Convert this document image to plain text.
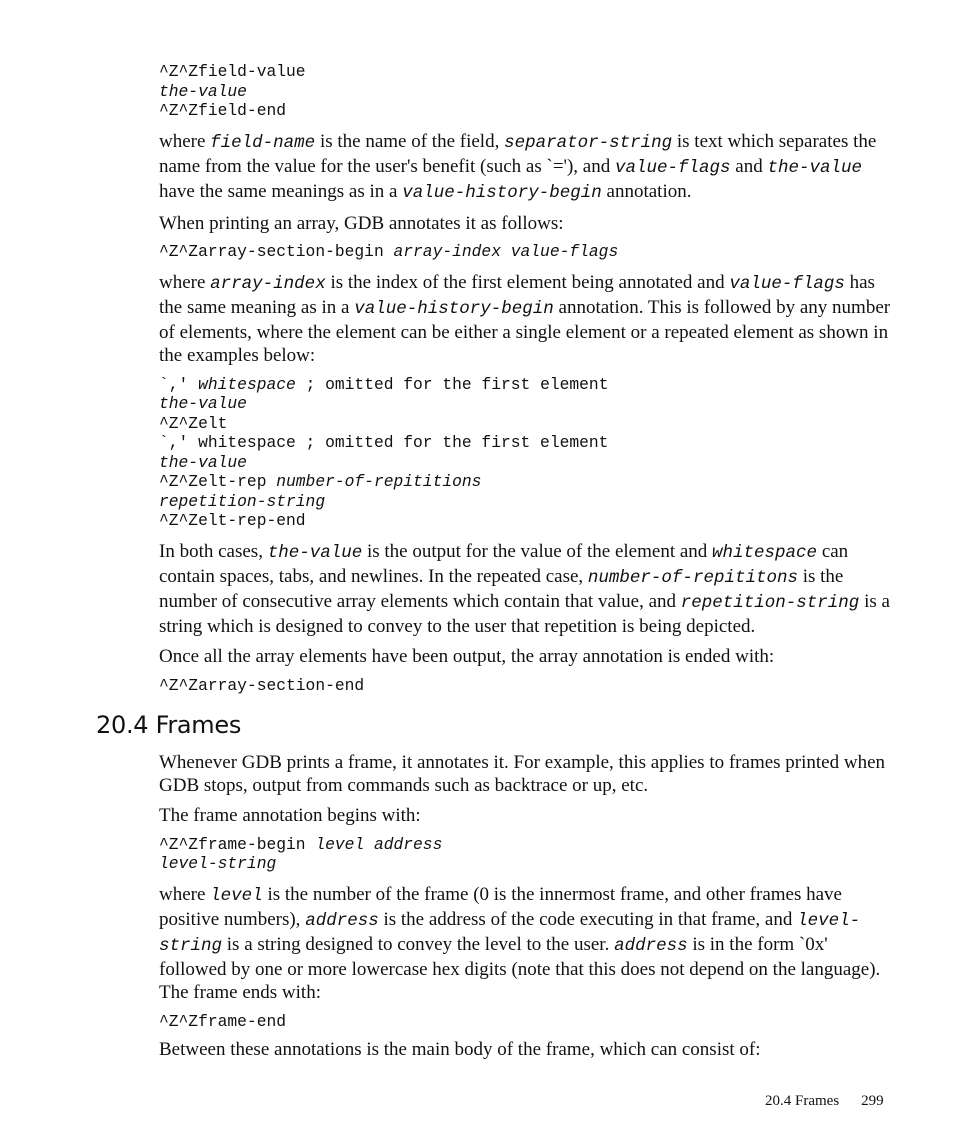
^Z^Zfield-value
the-value
^Z^Zfield-end

where field-name is the name of the field, separator-string is text which separates the name from the value for the user's benefit (such as `='), and value-flags and the-value have the same meanings as in a value-history-begin annotation.

When printing an array, GDB annotates it as follows:

^Z^Zarray-section-begin array-index value-flags

where array-index is the index of the first element being annotated and value-flags has the same meaning as in a value-history-begin annotation. This is followed by any number of elements, where the element can be either a single element or a repeated element as shown in the examples below:

`,' whitespace ; omitted for the first element
the-value
^Z^Zelt
`,' whitespace ; omitted for the first element
the-value
^Z^Zelt-rep number-of-repititions
repetition-string
^Z^Zelt-rep-end

In both cases, the-value is the output for the value of the element and whitespace can contain spaces, tabs, and newlines. In the repeated case, number-of-repititons is the number of consecutive array elements which contain that value, and repetition-string is a string which is designed to convey to the user that repetition is being depicted.

Once all the array elements have been output, the array annotation is ended with:

^Z^Zarray-section-end
20.4 Frames

Whenever GDB prints a frame, it annotates it. For example, this applies to frames printed when GDB stops, output from commands such as backtrace or up, etc.

The frame annotation begins with:

^Z^Zframe-begin level address
level-string

where level is the number of the frame (0 is the innermost frame, and other frames have positive numbers), address is the address of the code executing in that frame, and level-string is a string designed to convey the level to the user. address is in the form `0x' followed by one or more lowercase hex digits (note that this does not depend on the language). The frame ends with:

^Z^Zframe-end

Between these annotations is the main body of the frame, which can consist of:

20.4 Frames 299
